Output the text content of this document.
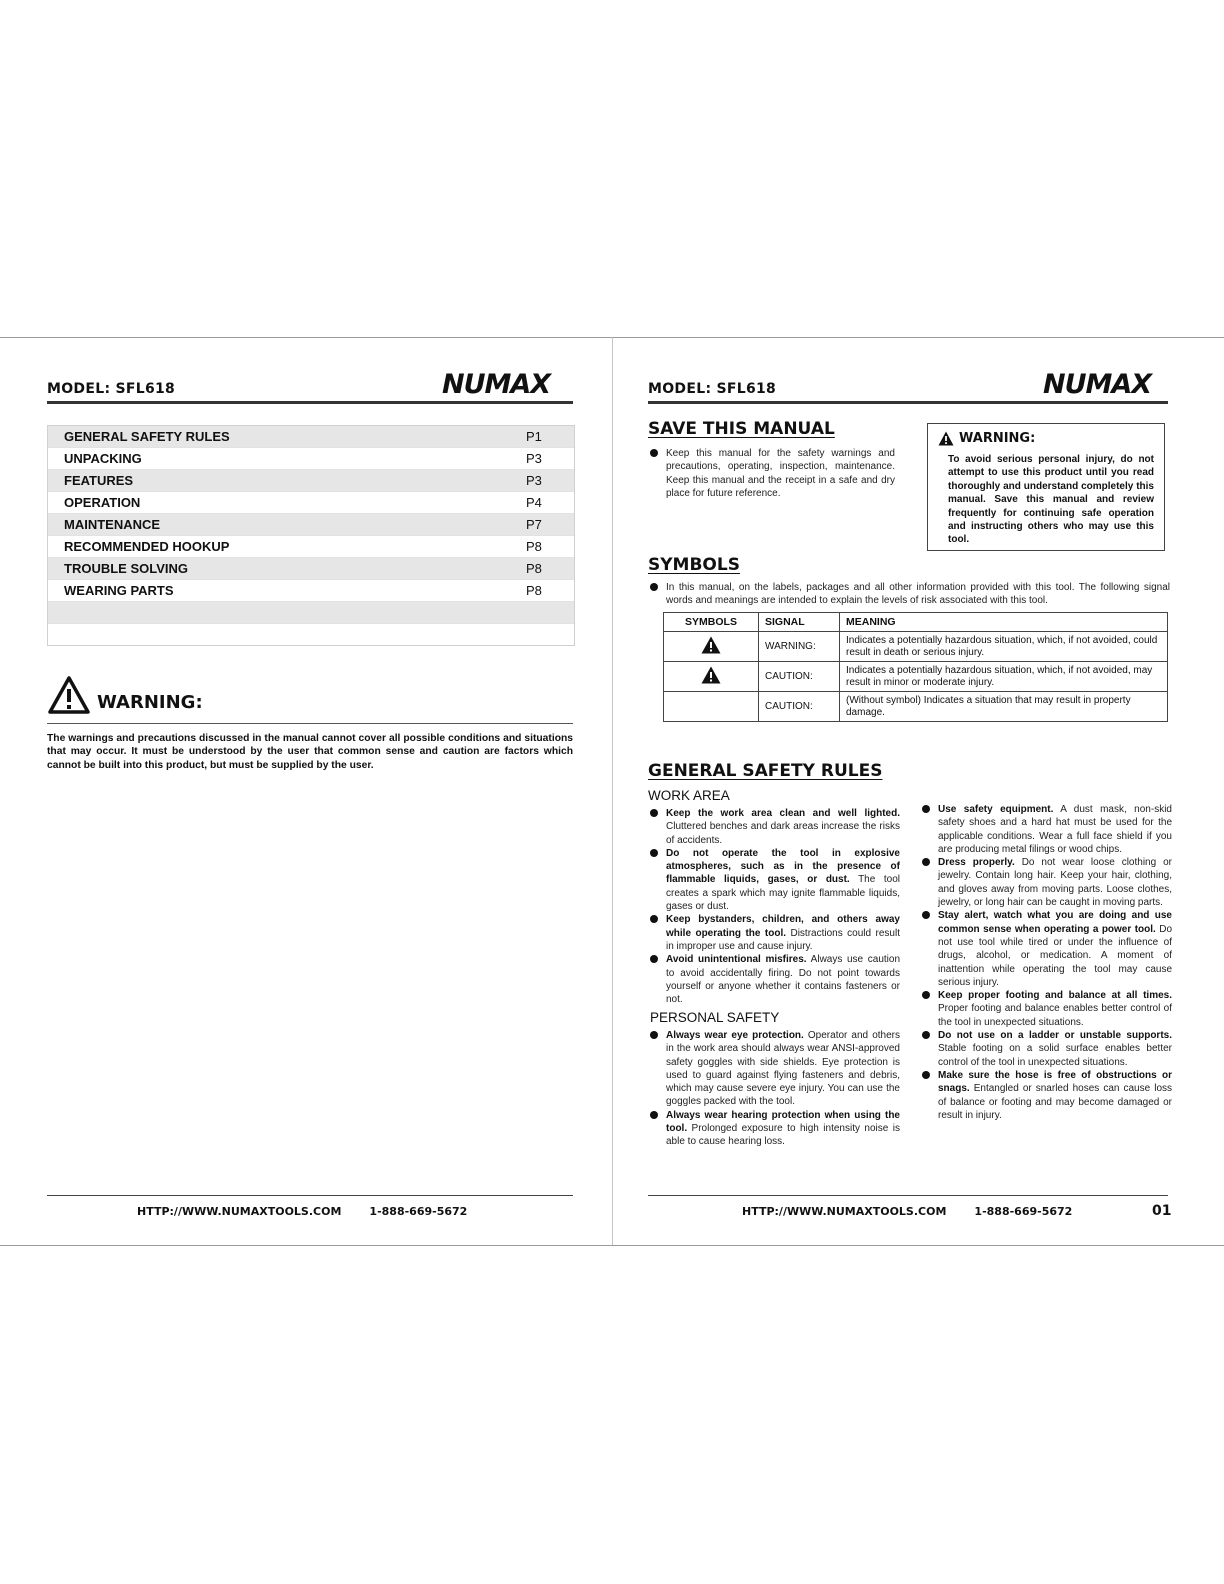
MODEL: SFL618	NUMAX
GENERAL SAFETY RULES	P1
UNPACKING	P3
FEATURES	P3
OPERATION	P4
MAINTENANCE	P7
RECOMMENDED HOOKUP	P8
TROUBLE SOLVING	P8
WEARING PARTS	P8
WARNING:
The warnings and precautions discussed in the manual cannot cover all possible conditions and situations that may occur. It must be understood by the user that common sense and caution are factors which cannot be built into this product, but must be supplied by the user.
HTTP://WWW.NUMAXTOOLS.COM	1-888-669-5672
MODEL: SFL618	NUMAX
SAVE THIS MANUAL
Keep this manual for the safety warnings and precautions, operating, inspection, maintenance. Keep this manual and the receipt in a safe and dry place for future reference.
WARNING:
To avoid serious personal injury, do not attempt to use this product until you read thoroughly and understand completely this manual. Save this manual and review frequently for continuing safe operation and instructing others who may use this tool.
SYMBOLS
In this manual, on the labels, packages and all other information provided with this tool. The following signal words and meanings are intended to explain the levels of risk associated with this tool.
SYMBOLS	SIGNAL	MEANING
	WARNING:	Indicates a potentially hazardous situation, which, if not avoided, could result in death or serious injury.
	CAUTION:	Indicates a potentially hazardous situation, which, if not avoided, may result in minor or moderate injury.
	CAUTION:	(Without symbol) Indicates a situation that may result in property damage.
GENERAL SAFETY RULES
WORK AREA
Keep the work area clean and well lighted. Cluttered benches and dark areas increase the risks of accidents.
Do not operate the tool in explosive atmospheres, such as in the presence of flammable liquids, gases, or dust. The tool creates a spark which may ignite flammable liquids, gases or dust.
Keep bystanders, children, and others away while operating the tool. Distractions could result in improper use and cause injury.
Avoid unintentional misfires. Always use caution to avoid accidentally firing. Do not point towards yourself or anyone whether it contains fasteners or not.
PERSONAL SAFETY
Always wear eye protection. Operator and others in the work area should always wear ANSI-approved safety goggles with side shields. Eye protection is used to guard against flying fasteners and debris, which may cause severe eye injury. You can use the goggles packed with the tool.
Always wear hearing protection when using the tool. Prolonged exposure to high intensity noise is able to cause hearing loss.
Use safety equipment. A dust mask, non-skid safety shoes and a hard hat must be used for the applicable conditions. Wear a full face shield if you are producing metal filings or wood chips.
Dress properly. Do not wear loose clothing or jewelry. Contain long hair. Keep your hair, clothing, and gloves away from moving parts. Loose clothes, jewelry, or long hair can be caught in moving parts.
Stay alert, watch what you are doing and use common sense when operating a power tool. Do not use tool while tired or under the influence of drugs, alcohol, or medication. A moment of inattention while operating the tool may cause serious injury.
Keep proper footing and balance at all times. Proper footing and balance enables better control of the tool in unexpected situations.
Do not use on a ladder or unstable supports. Stable footing on a solid surface enables better control of the tool in unexpected situations.
Make sure the hose is free of obstructions or snags. Entangled or snarled hoses can cause loss of balance or footing and may become damaged or result in injury.
HTTP://WWW.NUMAXTOOLS.COM	1-888-669-5672	01
